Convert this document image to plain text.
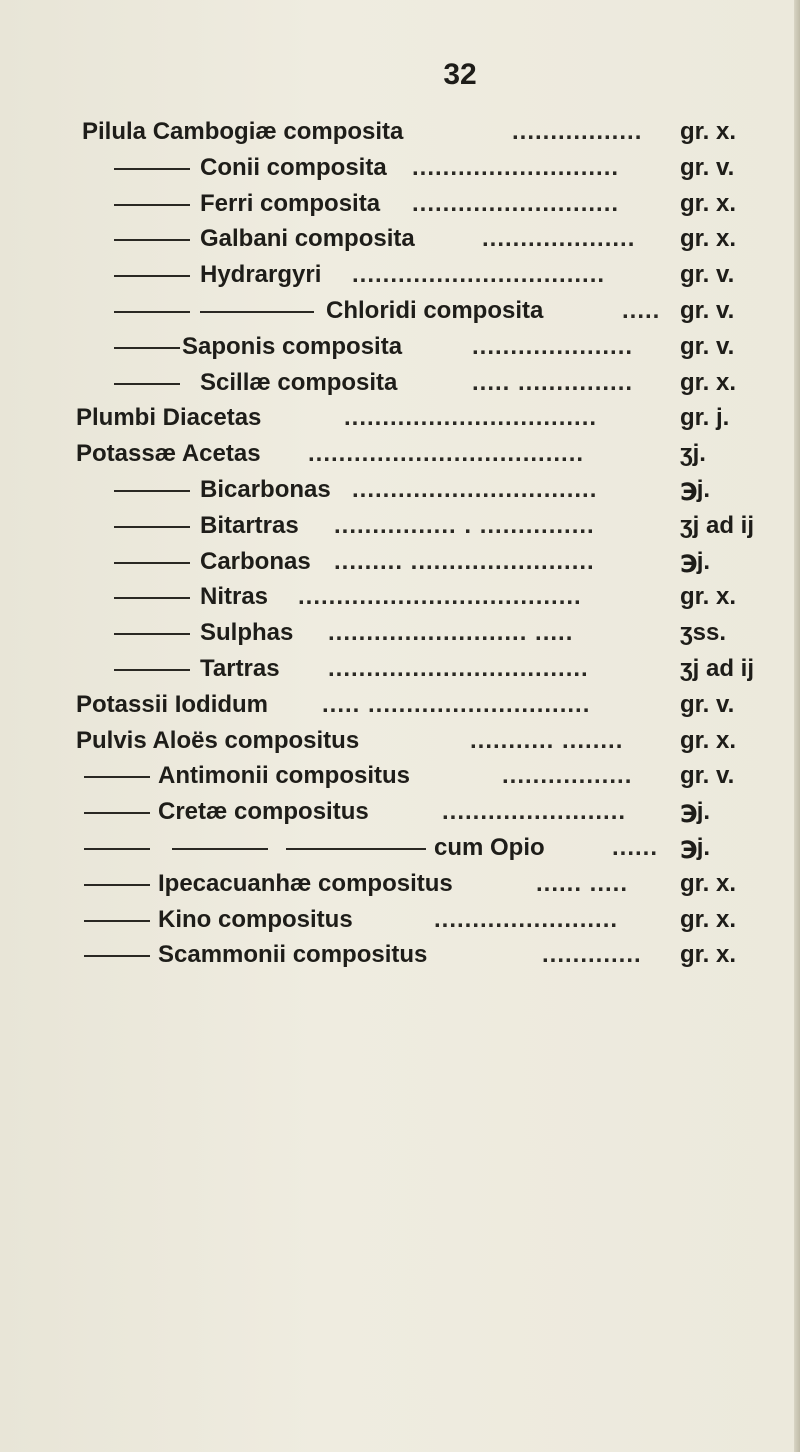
32
Pilula Cambogiæ composita	.................	gr. x.
Conii composita ...........................	gr. v.
Ferri composita ...........................	gr. x.
Galbani composita	....................	gr. x.
Hydrargyri .................................	gr. v.
Chloridi composita	..... gr. v.
Saponis composita	.....................	gr. v.
Scillæ composita	..... ...............	gr. x.
Plumbi Diacetas	.................................	gr. j.
Potassæ Acetas ....................................	ʒj.
Bicarbonas ................................	℈j.
Bitartras ................ . ...............	ʒj ad ij
Carbonas ......... ........................	℈j.
Nitras .....................................	gr. x.
Sulphas .......................... .....	ʒss.
Tartras ..................................	ʒj ad ij
Potassii Iodidum ..... .............................	gr. v.
Pulvis Aloës compositus	........... ........	gr. x.
Antimonii compositus	.................	gr. v.
Cretæ compositus	........................	℈j.
cum Opio	...... ℈j.
Ipecacuanhæ compositus	...... .....	gr. x.
Kino compositus	........................	gr. x.
Scammonii compositus	.............	gr. x.
